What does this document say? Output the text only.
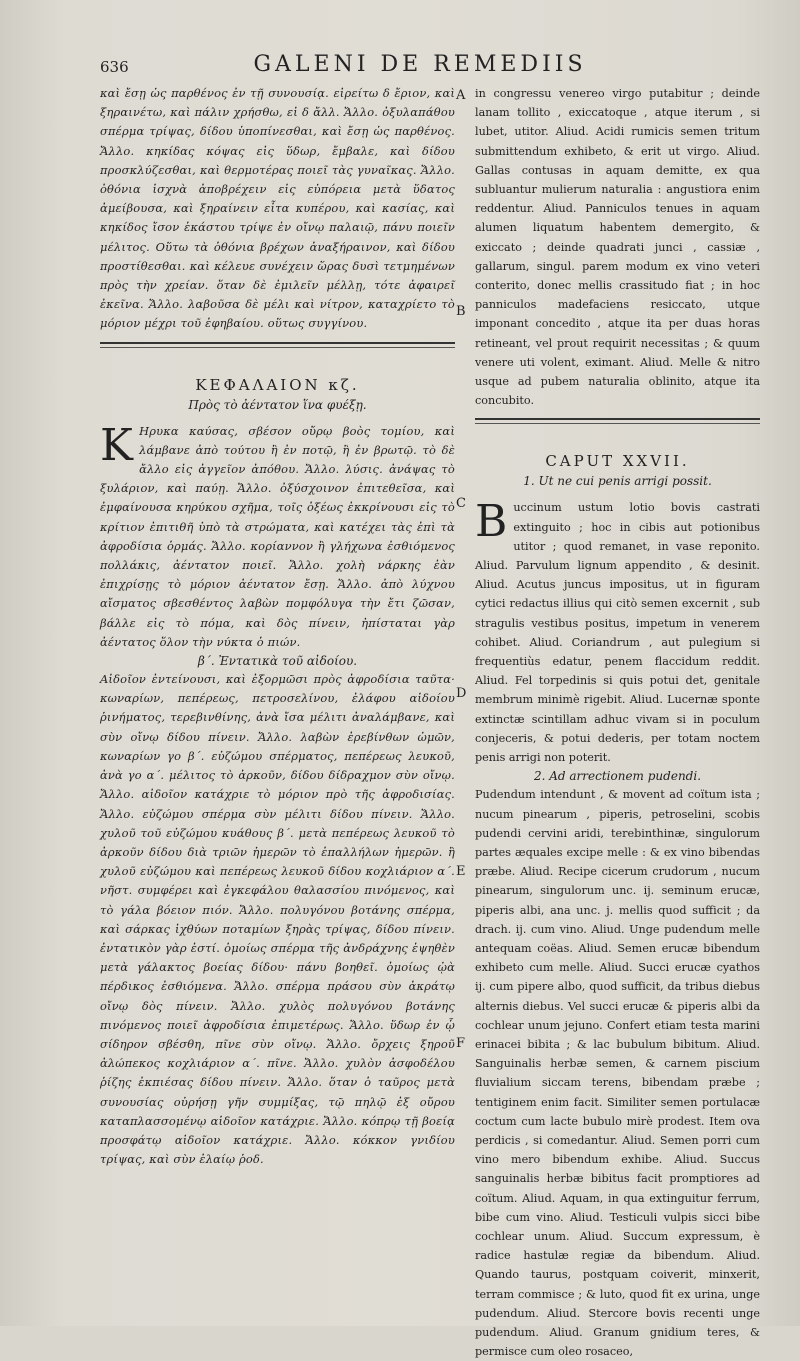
636	GALENI DE REMEDIIS
A
B
C
D
E
F

καὶ ἔσῃ ὡς παρθένος ἐν τῇ συνουσίᾳ. εἰρείτω δ ἔριον, καὶ ξηραινέτω, καὶ πάλιν χρήσθω, εἰ δ ἄλλ. Ἄλλο. ὀξυλαπάθου σπέρμα τρίψας, δίδου ὑποπίνεσθαι, καὶ ἔσῃ ὡς παρθένος. Ἄλλο. κηκίδας κόψας εἰς ὕδωρ, ἔμβαλε, καὶ δίδου προσκλύζεσθαι, καὶ θερμοτέρας ποιεῖ τὰς γυναῖκας. Ἄλλο. ὀθόνια ἰσχνὰ ἀποβρέχειν εἰς εὐπόρεια μετὰ ὕδατος ἀμείβουσα, καὶ ξηραίνειν εἶτα κυπέρου, καὶ κασίας, καὶ κηκίδος ἴσον ἑκάστου τρίψε ἐν οἴνῳ παλαιῷ, πάνυ ποιεῖν μέλιτος. Οὕτω τὰ ὀθόνια βρέχων ἀναξήραινον, καὶ δίδου προστίθεσθαι. καὶ κέλευε συνέχειν ὥρας δυσὶ τετμημένων πρὸς τὴν χρείαν. ὅταν δὲ ἐμιλεῖν μέλλῃ, τότε ἀφαιρεῖ ἐκεῖνα. Ἄλλο. λαβοῦσα δὲ μέλι καὶ νίτρον, καταχρίετο τὸ μόριον μέχρι τοῦ ἐφηβαίου. οὕτως συγγίνου.

ΚΕΦΑΛΑΙΟΝ κζ.
Πρὸς τὸ ἀέντατον ἵνα φυέξῃ.

Κ Ηρυκα καύσας, σβέσον οὔρῳ βοὸς τομίου, καὶ λάμβανε ἀπὸ τούτου ἢ ἐν ποτῷ, ἢ ἐν βρωτῷ. τὸ δὲ ἄλλο εἰς ἀγγεῖον ἀπόθου. Ἄλλο. λύσις. ἀνάψας τὸ ξυλάριον, καὶ παύῃ. Ἄλλο. ὀξύσχοινον ἐπιτεθεῖσα, καὶ ἐμφαίνουσα κηρύκου σχῆμα, τοῖς ὀξέως ἐκκρίνουσι εἰς τὸ κρίτιον ἐπιτιθῆ ὑπὸ τὰ στρώματα, καὶ κατέχει τὰς ἐπὶ τὰ ἀφροδίσια ὁρμάς. Ἄλλο. κορίαννον ἢ γλήχωνα ἐσθιόμενος πολλάκις, ἀέντατον ποιεῖ. Ἄλλο. χολὴ νάρκης ἐὰν ἐπιχρίσῃς τὸ μόριον ἀέντατον ἔσῃ. Ἄλλο. ἀπὸ λύχνου αἴσματος σβεσθέντος λαβὼν πομφόλυγα τὴν ἔτι ζῶσαν, βάλλε εἰς τὸ πόμα, καὶ δὸς πίνειν, ἠπίσταται γὰρ ἀέντατος ὅλον τὴν νύκτα ὁ πιών.

β΄. Ἐντατικὰ τοῦ αἰδοίου.

Αἰδοῖον ἐντείνουσι, καὶ ἐξορμῶσι πρὸς ἀφροδίσια ταῦτα· κωναρίων, πεπέρεως, πετροσελίνου, ἐλάφου αἰδοίου ῥινήματος, τερεβινθίνης, ἀνὰ ἴσα μέλιτι ἀναλάμβανε, καὶ σὺν οἴνῳ δίδου πίνειν. Ἄλλο. λαβὼν ἐρεβίνθων ὠμῶν, κωναρίων γο β΄. εὐζώμου σπέρματος, πεπέρεως λευκοῦ, ἀνὰ γο α΄. μέλιτος τὸ ἀρκοῦν, δίδου δίδραχμον σὺν οἴνῳ. Ἄλλο. αἰδοῖον κατάχριε τὸ μόριον πρὸ τῆς ἀφροδισίας. Ἄλλο. εὐζώμου σπέρμα σὺν μέλιτι δίδου πίνειν. Ἄλλο. χυλοῦ τοῦ εὐζώμου κυάθους β΄. μετὰ πεπέρεως λευκοῦ τὸ ἀρκοῦν δίδου διὰ τριῶν ἡμερῶν τὸ ἐπαλλήλων ἡμερῶν. ἢ χυλοῦ εὐζώμου καὶ πεπέρεως λευκοῦ δίδου κοχλιάριον α΄. νῆστ. συμφέρει καὶ ἐγκεφάλου θαλασσίου πινόμενος, καὶ τὸ γάλα βόειον πιόν. Ἄλλο. πολυγόνου βοτάνης σπέρμα, καὶ σάρκας ἰχθύων ποταμίων ξηρὰς τρίψας, δίδου πίνειν. ἐντατικὸν γὰρ ἐστί. ὁμοίως σπέρμα τῆς ἀνδράχνης ἑψηθὲν μετὰ γάλακτος βοείας δίδου· πάνυ βοηθεῖ. ὁμοίως ᾠὰ πέρδικος ἐσθιόμενα. Ἄλλο. σπέρμα πράσου σὺν ἀκράτῳ οἴνῳ δὸς πίνειν. Ἄλλο. χυλὸς πολυγόνου βοτάνης πινόμενος ποιεῖ ἀφροδίσια ἐπιμετέρως. Ἄλλο. ὕδωρ ἐν ᾧ σίδηρον σβέσθη, πῖνε σὺν οἴνῳ. Ἄλλο. ὄρχεις ξηροῦ ἀλώπεκος κοχλιάριον α΄. πῖνε. Ἄλλο. χυλὸν ἀσφοδέλου ῥίζης ἐκπιέσας δίδου πίνειν. Ἄλλο. ὅταν ὁ ταῦρος μετὰ συνουσίας οὐρήσῃ γῆν συμμίξας, τῷ πηλῷ ἐξ οὔρου καταπλασσομένῳ αἰδοῖον κατάχριε. Ἄλλο. κόπρῳ τῇ βοείᾳ προσφάτῳ αἰδοῖον κατάχριε. Ἄλλο. κόκκον γνιδίου τρίψας, καὶ σὺν ἐλαίῳ ῥοδ.

in congressu venereo virgo putabitur ; deinde lanam tollito , exiccatoque , atque iterum , si lubet, utitor. Aliud. Acidi rumicis semen tritum submittendum exhibeto, & erit ut virgo. Aliud. Gallas contusas in aquam demitte, ex qua subluantur mulierum naturalia : angustiora enim reddentur. Aliud. Panniculos tenues in aquam alumen liquatum habentem demergito, & exiccato ; deinde quadrati junci , cassiæ , gallarum, singul. parem modum ex vino veteri conterito, donec mellis crassitudo fiat ; in hoc panniculos madefaciens resiccato, utque imponant concedito , atque ita per duas horas retineant, vel prout requirit necessitas ; & quum venere uti volent, eximant. Aliud. Melle & nitro usque ad pubem naturalia oblinito, atque ita concubito.

CAPUT XXVII.
1. Ut ne cui penis arrigi possit.

Buccinum ustum lotio bovis castrati extinguito ; hoc in cibis aut potionibus utitor ; quod remanet, in vase reponito. Aliud. Parvulum lignum appendito , & desinit. Aliud. Acutus juncus impositus, ut in figuram cytici redactus illius qui citò semen excernit , sub stragulis vestibus positus, impetum in venerem cohibet. Aliud. Coriandrum , aut pulegium si frequentiùs edatur, penem flaccidum reddit. Aliud. Fel torpedinis si quis potui det, genitale membrum minimè rigebit. Aliud. Lucernæ sponte extinctæ scintillam adhuc vivam si in poculum conjeceris, & potui dederis, per totam noctem penis arrigi non poterit.

2. Ad arrectionem pudendi.

Pudendum intendunt , & movent ad coïtum ista ; nucum pinearum , piperis, petroselini, scobis pudendi cervini aridi, terebinthinæ, singulorum partes æquales excipe melle : & ex vino bibendas præbe. Aliud. Recipe cicerum crudorum , nucum pinearum, singulorum unc. ij. seminum erucæ, piperis albi, ana unc. j. mellis quod sufficit ; da drach. ij. cum vino. Aliud. Unge pudendum melle antequam coëas. Aliud. Semen erucæ bibendum exhibeto cum melle. Aliud. Succi erucæ cyathos ij. cum pipere albo, quod sufficit, da tribus diebus alternis diebus. Vel succi erucæ & piperis albi da cochlear unum jejuno. Confert etiam testa marini erinacei bibita ; & lac bubulum bibitum. Aliud. Sanguinalis herbæ semen, & carnem piscium fluvialium siccam terens, bibendam præbe ; tentiginem enim facit. Similiter semen portulacæ coctum cum lacte bubulo mirè prodest. Item ova perdicis , si comedantur. Aliud. Semen porri cum vino mero bibendum exhibe. Aliud. Succus sanguinalis herbæ bibitus facit promptiores ad coïtum. Aliud. Aquam, in qua extinguitur ferrum, bibe cum vino. Aliud. Testiculi vulpis sicci bibe cochlear unum. Aliud. Succum expressum, è radice hastulæ regiæ da bibendum. Aliud. Quando taurus, postquam coiverit, minxerit, terram commisce ; & luto, quod fit ex urina, unge pudendum. Aliud. Stercore bovis recenti unge pudendum. Aliud. Granum gnidium teres, & permisce cum oleo rosaceo,
